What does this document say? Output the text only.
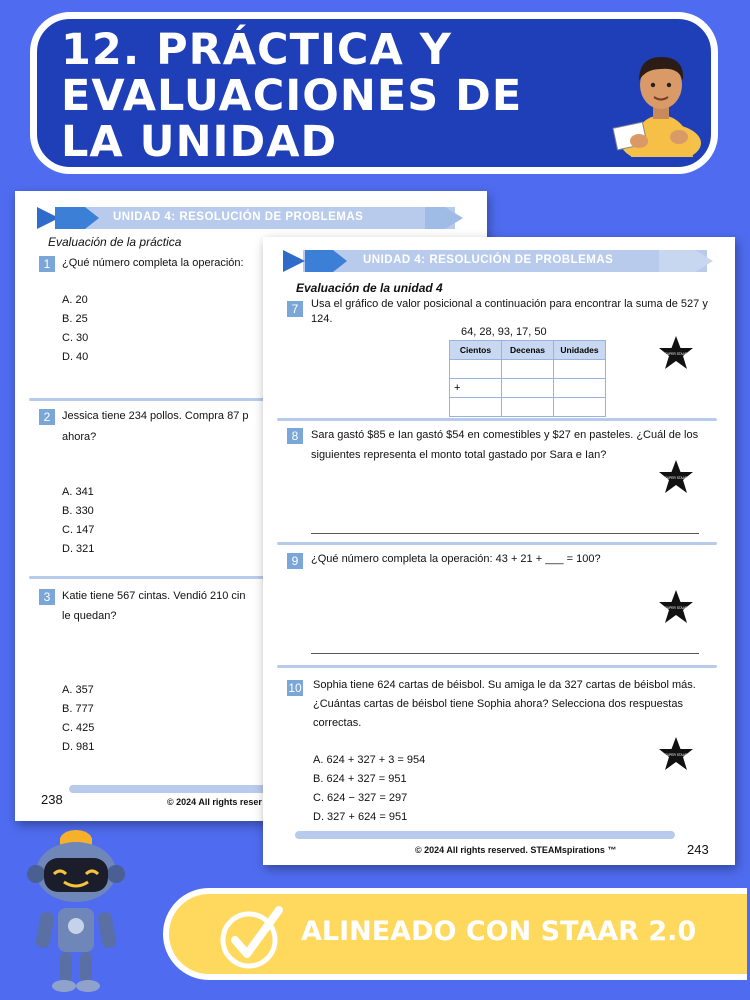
12. PRÁCTICA Y EVALUACIONES DE LA UNIDAD
UNIDAD 4: RESOLUCIÓN DE PROBLEMAS
Evaluación de la práctica
1	¿Qué número completa la operación:
A. 20
B. 25
C. 30
D. 40
2	Jessica tiene 234 pollos. Compra 87 p
ahora?
A. 341
B. 330
C. 147
D. 321
3	Katie tiene 567 cintas. Vendió 210 cin
le quedan?
A. 357
B. 777
C. 425
D. 981
238	© 2024 All rights reser
UNIDAD 4: RESOLUCIÓN DE PROBLEMAS
Evaluación de la unidad 4
7	Usa el gráfico de valor posicional a continuación para encontrar la suma de 527 y 124.
64, 28, 93, 17, 50
Cientos	Decenas	Unidades

+		

SUPER STAAR
8	Sara gastó $85 e Ian gastó $54 en comestibles y $27 en pasteles. ¿Cuál de los siguientes representa el monto total gastado por Sara e Ian?
SUPER STAAR
9	¿Qué número completa la operación: 43 + 21 + ___ = 100?
SUPER STAAR
10 Sophia tiene 624 cartas de béisbol. Su amiga le da 327 cartas de béisbol más. ¿Cuántas cartas de béisbol tiene Sophia ahora? Selecciona dos respuestas correctas.
A. 624 + 327 + 3 = 954
B. 624 + 327 = 951
C. 624 − 327 = 297
D. 327 + 624 = 951
SUPER STAAR
© 2024 All rights reserved. STEAMspirations ™	243
ALINEADO CON STAAR 2.0
